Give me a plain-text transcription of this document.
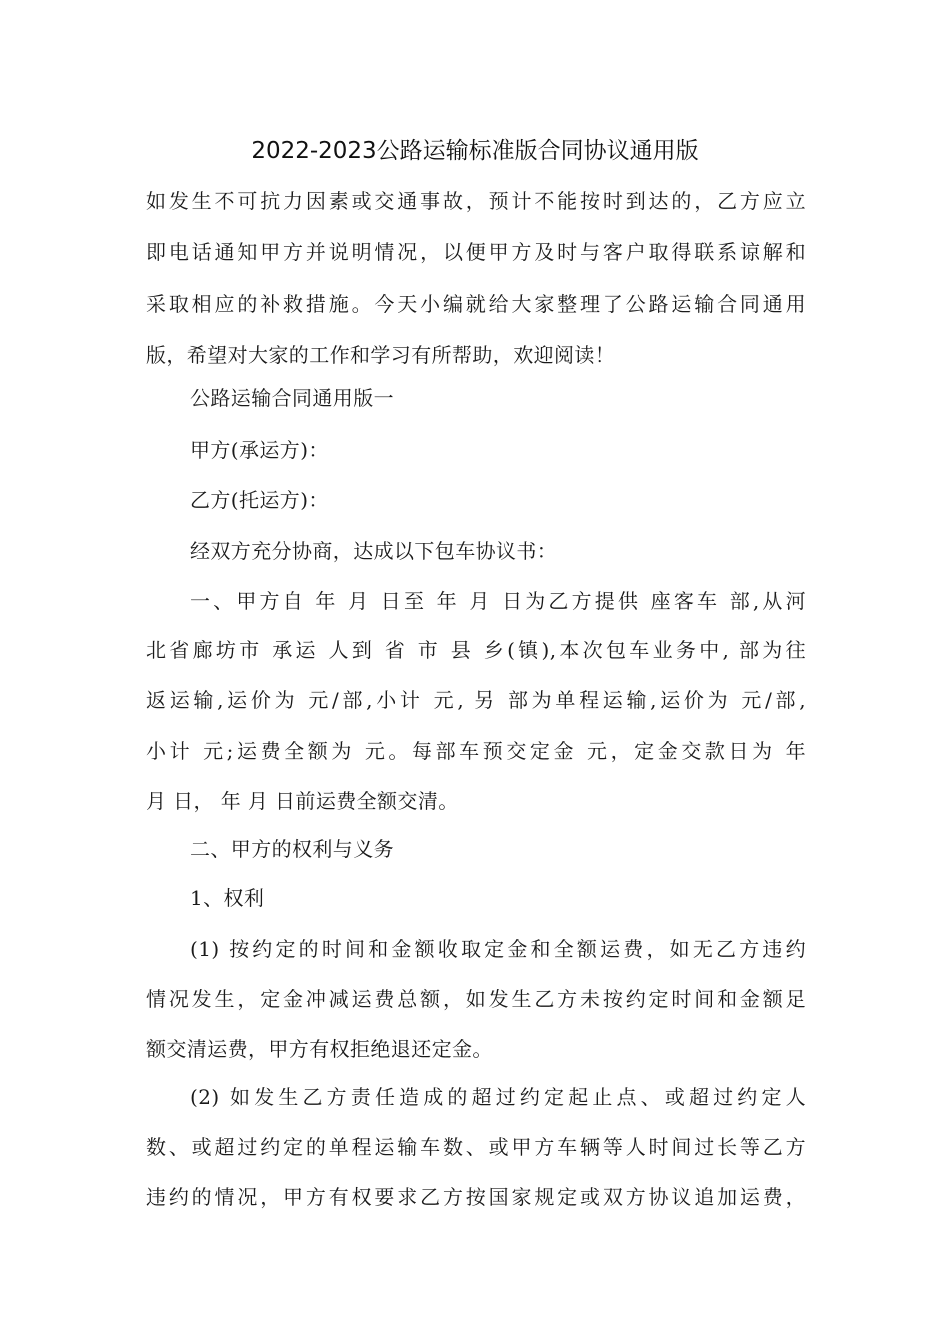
2022-2023公路运输标准版合同协议通用版
如发生不可抗力因素或交通事故，预计不能按时到达的，乙方应立
即电话通知甲方并说明情况，以便甲方及时与客户取得联系谅解和
采取相应的补救措施。今天小编就给大家整理了公路运输合同通用
版，希望对大家的工作和学习有所帮助，欢迎阅读！
公路运输合同通用版一
甲方(承运方)：
乙方(托运方)：
经双方充分协商，达成以下包车协议书：
一、甲方自 年 月 日至 年 月 日为乙方提供 座客车 部,从河
北省廊坊市 承运 人到 省 市 县 乡(镇),本次包车业务中, 部为往
返运输,运价为 元/部,小计 元, 另 部为单程运输,运价为 元/部,
小计 元;运费全额为 元。每部车预交定金 元，定金交款日为 年
月 日， 年 月 日前运费全额交清。
二、甲方的权利与义务
1、权利
(1) 按约定的时间和金额收取定金和全额运费，如无乙方违约
情况发生，定金冲减运费总额，如发生乙方未按约定时间和金额足
额交清运费，甲方有权拒绝退还定金。
(2) 如发生乙方责任造成的超过约定起止点、或超过约定人
数、或超过约定的单程运输车数、或甲方车辆等人时间过长等乙方
违约的情况，甲方有权要求乙方按国家规定或双方协议追加运费，
